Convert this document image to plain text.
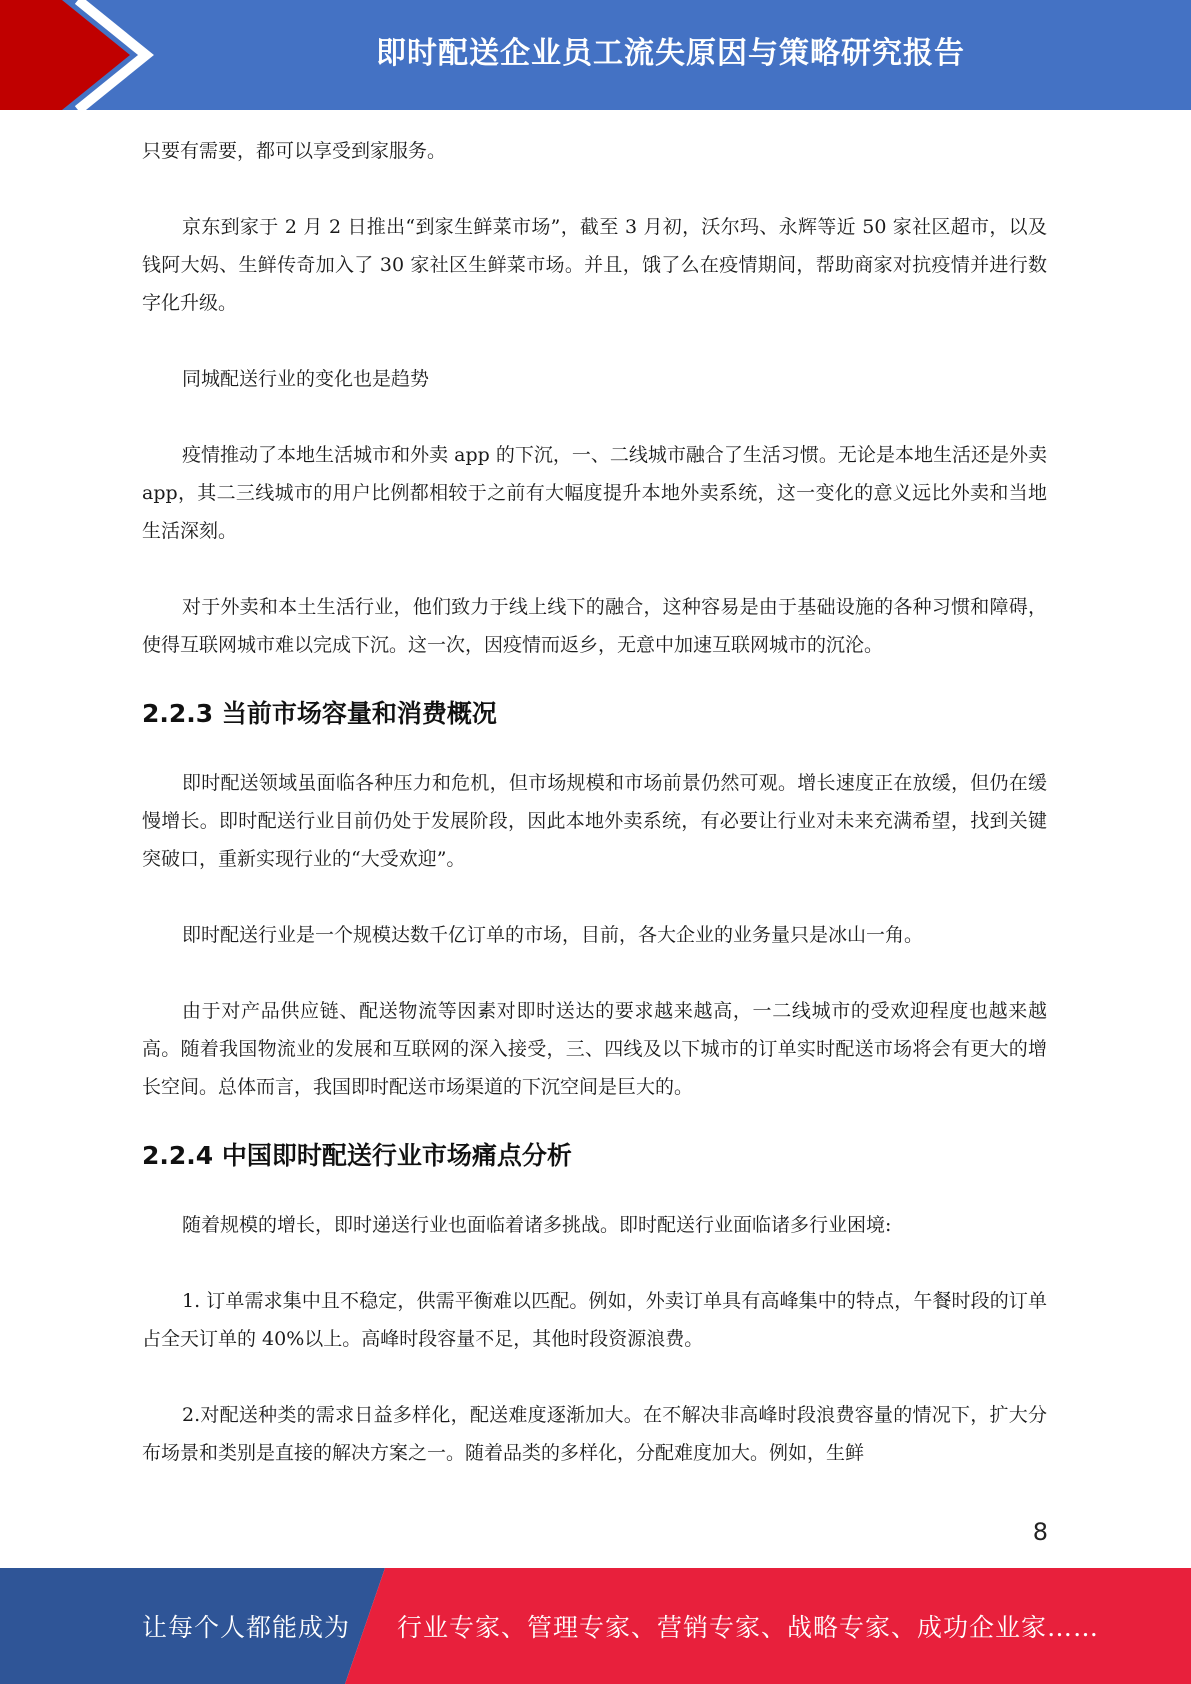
即时配送企业员工流失原因与策略研究报告

只要有需要，都可以享受到家服务。

京东到家于 2 月 2 日推出“到家生鲜菜市场”，截至 3 月初，沃尔玛、永辉等近 50 家社区超市，以及钱阿大妈、生鲜传奇加入了 30 家社区生鲜菜市场。并且，饿了么在疫情期间，帮助商家对抗疫情并进行数字化升级。

同城配送行业的变化也是趋势

疫情推动了本地生活城市和外卖 app 的下沉，一、二线城市融合了生活习惯。无论是本地生活还是外卖 app，其二三线城市的用户比例都相较于之前有大幅度提升本地外卖系统，这一变化的意义远比外卖和当地生活深刻。

对于外卖和本土生活行业，他们致力于线上线下的融合，这种容易是由于基础设施的各种习惯和障碍，使得互联网城市难以完成下沉。这一次，因疫情而返乡，无意中加速互联网城市的沉沦。

2.2.3 当前市场容量和消费概况

即时配送领域虽面临各种压力和危机，但市场规模和市场前景仍然可观。增长速度正在放缓，但仍在缓慢增长。即时配送行业目前仍处于发展阶段，因此本地外卖系统，有必要让行业对未来充满希望，找到关键突破口，重新实现行业的“大受欢迎”。

即时配送行业是一个规模达数千亿订单的市场，目前，各大企业的业务量只是冰山一角。

由于对产品供应链、配送物流等因素对即时送达的要求越来越高，一二线城市的受欢迎程度也越来越高。随着我国物流业的发展和互联网的深入接受，三、四线及以下城市的订单实时配送市场将会有更大的增长空间。总体而言，我国即时配送市场渠道的下沉空间是巨大的。

2.2.4 中国即时配送行业市场痛点分析

随着规模的增长，即时递送行业也面临着诸多挑战。即时配送行业面临诸多行业困境:

1. 订单需求集中且不稳定，供需平衡难以匹配。例如，外卖订单具有高峰集中的特点，午餐时段的订单占全天订单的 40%以上。高峰时段容量不足，其他时段资源浪费。

2.对配送种类的需求日益多样化，配送难度逐渐加大。在不解决非高峰时段浪费容量的情况下，扩大分布场景和类别是直接的解决方案之一。随着品类的多样化，分配难度加大。例如，生鲜

8
让每个人都能成为 行业专家、管理专家、营销专家、战略专家、成功企业家……
